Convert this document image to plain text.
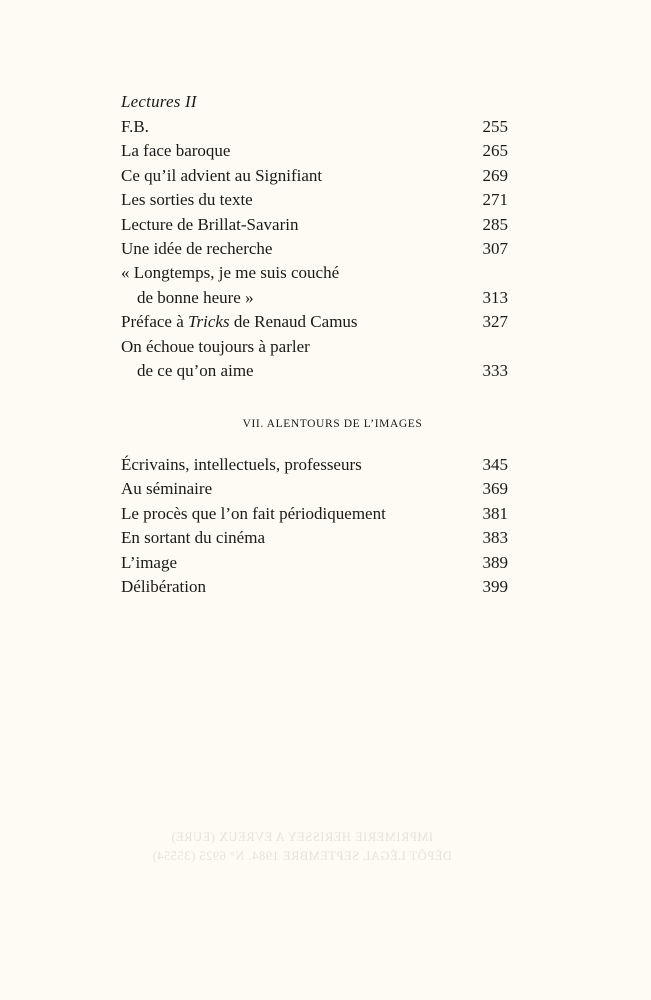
Lectures II
F.B.	255
La face baroque	265
Ce qu’il advient au Signifiant	269
Les sorties du texte	271
Lecture de Brillat-Savarin	285
Une idée de recherche	307
« Longtemps, je me suis couché
de bonne heure »	313
Préface à Tricks de Renaud Camus	327
On échoue toujours à parler
de ce qu’on aime	333
VII. ALENTOURS DE L’IMAGES
Écrivains, intellectuels, professeurs	345
Au séminaire	369
Le procès que l’on fait périodiquement	381
En sortant du cinéma	383
L’image	389
Délibération	399
IMPRIMERIE HERISSEY A EVREUX (EURE)
DÉPÔT LÉGAL SEPTEMBRE 1984. N° 6925 (35554)
